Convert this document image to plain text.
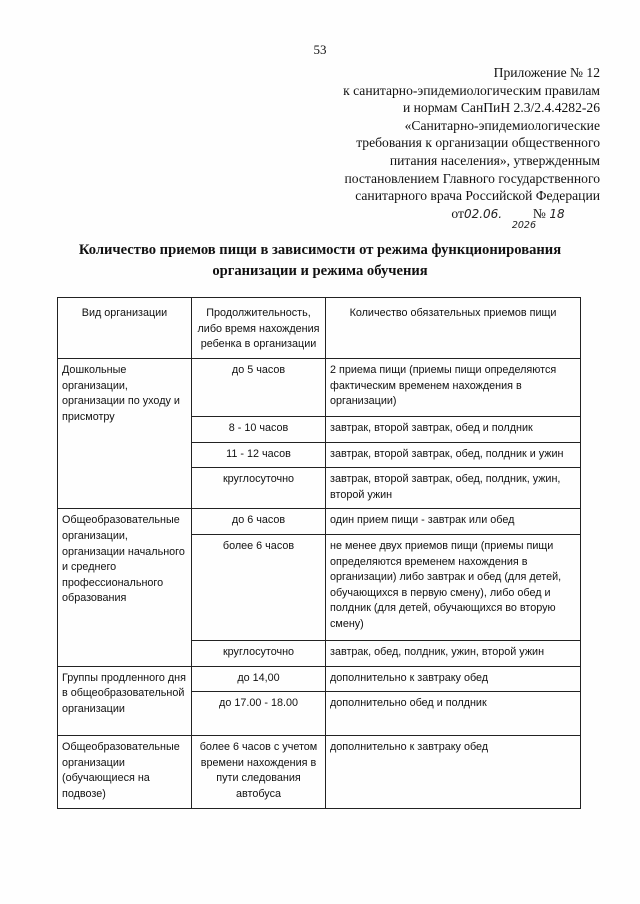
53
Приложение № 12
к санитарно-эпидемиологическим правилам
и нормам СанПиН 2.3/2.4.4282-26
«Санитарно-эпидемиологические
требования к организации общественного
питания населения», утвержденным
постановлением Главного государственного
санитарного врача Российской Федерации
от02.06. № 18
2026
Количество приемов пищи в зависимости от режима функционирования
организации и режима обучения
Вид организации	Продолжительность, либо время нахождения ребенка в организации	Количество обязательных приемов пищи
Дошкольные организации, организации по уходу и присмотру	до 5 часов	2 приема пищи (приемы пищи определяются фактическим временем нахождения в организации)
	8 - 10 часов	завтрак, второй завтрак, обед и полдник
	11 - 12 часов	завтрак, второй завтрак, обед, полдник и ужин
	круглосуточно	завтрак, второй завтрак, обед, полдник, ужин, второй ужин
Общеобразовательные организации, организации начального и среднего профессионального образования	до 6 часов	один прием пищи - завтрак или обед
	более 6 часов	не менее двух приемов пищи (приемы пищи определяются временем нахождения в организации) либо завтрак и обед (для детей, обучающихся в первую смену), либо обед и полдник (для детей, обучающихся во вторую смену)
	круглосуточно	завтрак, обед, полдник, ужин, второй ужин
Группы продленного дня в общеобразовательной организации	до 14,00	дополнительно к завтраку обед
	до 17.00 - 18.00	дополнительно обед и полдник
Общеобразовательные организации (обучающиеся на подвозе)	более 6 часов с учетом времени нахождения в пути следования автобуса	дополнительно к завтраку обед
